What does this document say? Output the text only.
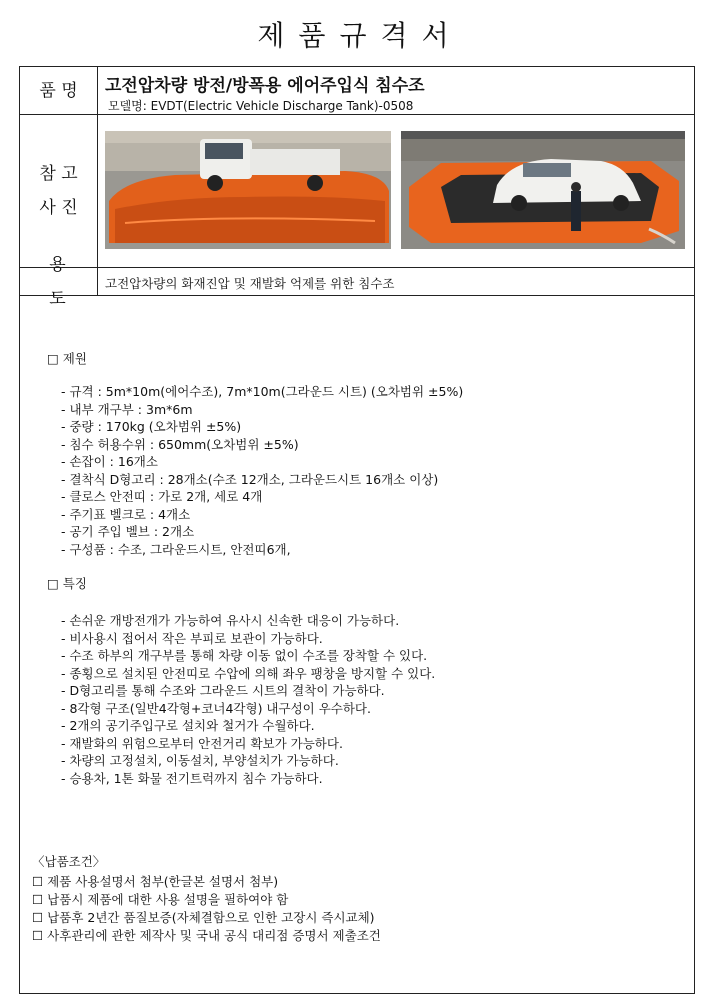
제품규격서
품 명	고전압차량 방전/방폭용 에어주입식 침수조
모델명: EVDT(Electric Vehicle Discharge Tank)-0508
참 고 사 진
용 도
고전압차량의 화재진압 및 재발화 억제를 위한 침수조
□ 제원
- 규격 : 5m*10m(에어수조), 7m*10m(그라운드 시트) (오차범위 ±5%)
- 내부 개구부 : 3m*6m
- 중량 : 170kg (오차범위 ±5%)
- 침수 허용수위 : 650mm(오차범위 ±5%)
- 손잡이 : 16개소
- 결착식 D형고리 : 28개소(수조 12개소, 그라운드시트 16개소 이상)
- 클로스 안전띠 : 가로 2개, 세로 4개
- 주기표 벨크로 : 4개소
- 공기 주입 벨브 : 2개소
- 구성품 : 수조, 그라운드시트, 안전띠6개,
□ 특징
- 손쉬운 개방전개가 가능하여 유사시 신속한 대응이 가능하다.
- 비사용시 접어서 작은 부피로 보관이 가능하다.
- 수조 하부의 개구부를 통해 차량 이동 없이 수조를 장착할 수 있다.
- 종횡으로 설치된 안전띠로 수압에 의해 좌우 팽창을 방지할 수 있다.
- D형고리를 통해 수조와 그라운드 시트의 결착이 가능하다.
- 8각형 구조(일반4각형+코너4각형) 내구성이 우수하다.
- 2개의 공기주입구로 설치와 철거가 수월하다.
- 재발화의 위험으로부터 안전거리 확보가 가능하다.
- 차량의 고정설치, 이동설치, 부양설치가 가능하다.
- 승용차, 1톤 화물 전기트럭까지 침수 가능하다.
〈납품조건〉
☐ 제품 사용설명서 첨부(한글본 설명서 첨부)
☐ 납품시 제품에 대한 사용 설명을 필하여야 함
☐ 납품후 2년간 품질보증(자체결함으로 인한 고장시 즉시교체)
☐ 사후관리에 관한 제작사 및 국내 공식 대리점 증명서 제출조건
